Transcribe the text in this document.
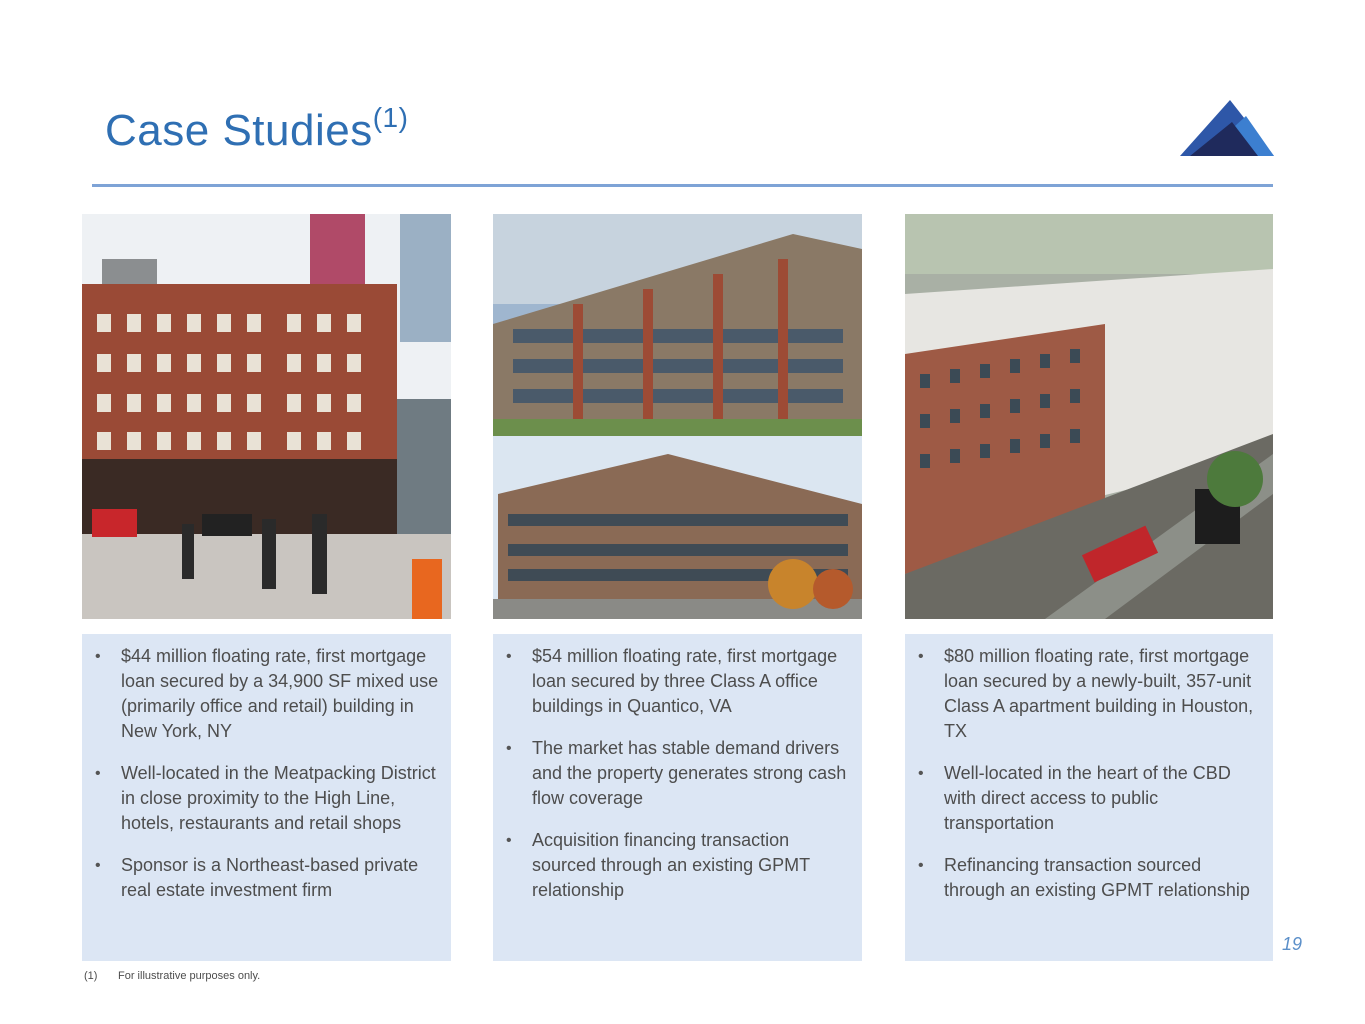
Case Studies$^{(1)}$
• $44 million floating rate, first mortgage loan secured by a 34,900 SF mixed use (primarily office and retail) building in New York, NY
• Well-located in the Meatpacking District in close proximity to the High Line, hotels, restaurants and retail shops
• Sponsor is a Northeast-based private real estate investment firm
• $54 million floating rate, first mortgage loan secured by three Class A office buildings in Quantico, VA
• The market has stable demand drivers and the property generates strong cash flow coverage
• Acquisition financing transaction sourced through an existing GPMT relationship
• $80 million floating rate, first mortgage loan secured by a newly-built, 357-unit Class A apartment building in Houston, TX
• Well-located in the heart of the CBD with direct access to public transportation
• Refinancing transaction sourced through an existing GPMT relationship
19
(1) For illustrative purposes only.
